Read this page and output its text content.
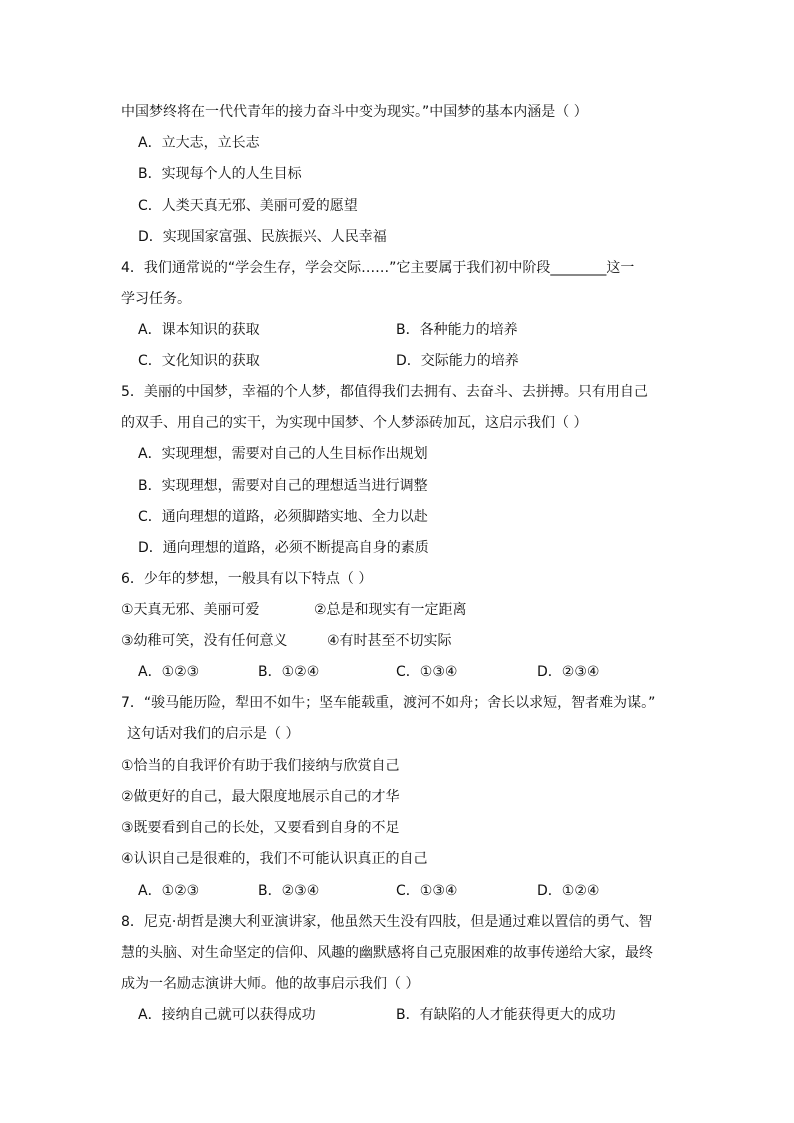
中国梦终将在一代代青年的接力奋斗中变为现实。”中国梦的基本内涵是（ ）
A．立大志，立长志
B．实现每个人的人生目标
C．人类天真无邪、美丽可爱的愿望
D．实现国家富强、民族振兴、人民幸福
4．我们通常说的“学会生存，学会交际……”它主要属于我们初中阶段________这一
学习任务。
A．课本知识的获取	B．各种能力的培养
C．文化知识的获取	D．交际能力的培养
5．美丽的中国梦，幸福的个人梦，都值得我们去拥有、去奋斗、去拼搏。只有用自己
的双手、用自己的实干，为实现中国梦、个人梦添砖加瓦，这启示我们（ ）
A．实现理想，需要对自己的人生目标作出规划
B．实现理想，需要对自己的理想适当进行调整
C．通向理想的道路，必须脚踏实地、全力以赴
D．通向理想的道路，必须不断提高自身的素质
6．少年的梦想，一般具有以下特点（ ）
①天真无邪、美丽可爱	②总是和现实有一定距离
③幼稚可笑，没有任何意义	④有时甚至不切实际
A．①②③	B．①②④	C．①③④	D．②③④
7．“骏马能历险，犁田不如牛；坚车能载重，渡河不如舟；舍长以求短，智者难为谋。”
这句话对我们的启示是（ ）
①恰当的自我评价有助于我们接纳与欣赏自己
②做更好的自己，最大限度地展示自己的才华
③既要看到自己的长处，又要看到自身的不足
④认识自己是很难的，我们不可能认识真正的自己
A．①②③	B．②③④	C．①③④	D．①②④
8．尼克·胡哲是澳大利亚演讲家，他虽然天生没有四肢，但是通过难以置信的勇气、智
慧的头脑、对生命坚定的信仰、风趣的幽默感将自己克服困难的故事传递给大家，最终
成为一名励志演讲大师。他的故事启示我们（ ）
A．接纳自己就可以获得成功	B．有缺陷的人才能获得更大的成功
